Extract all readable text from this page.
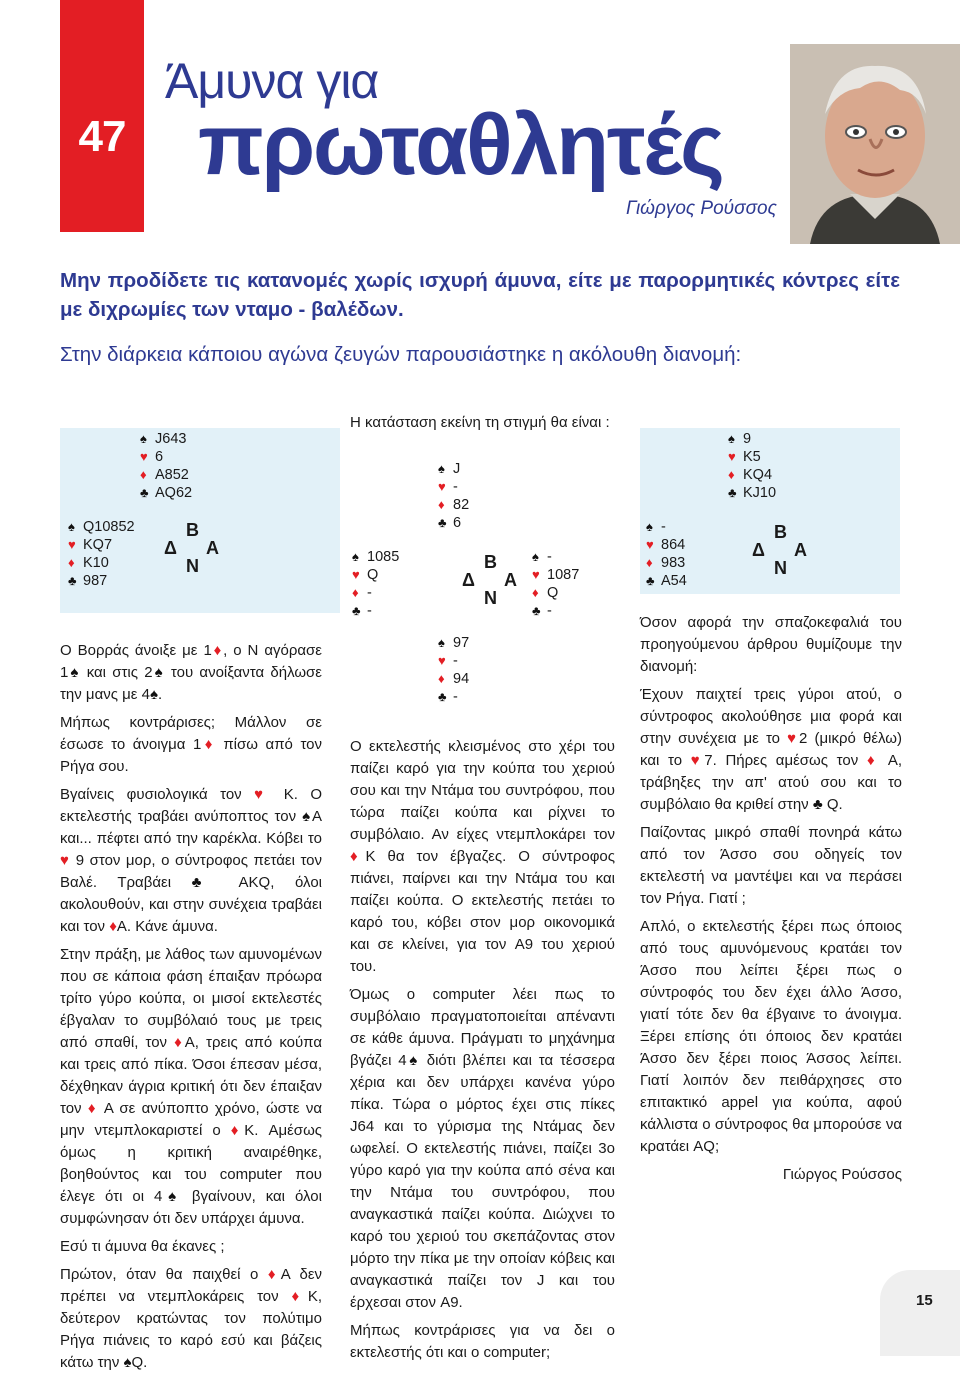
47
Άμυνα για
πρωταθλητές
Γιώργος Ρούσσος
Μην προδίδετε τις κατανομές χωρίς ισχυρή άμυνα, είτε με παρορμητικές κόντρες είτε με διχρωμίες των νταμο - βαλέδων.
Στην διάρκεια κάποιου αγώνα ζευγών παρουσιάστηκε η ακόλουθη διανομή:
♠ J643
♥ 6
♦ A852
♣ AQ62
♠ Q10852
♥ KQ7
♦ K10
♣ 987
B
Δ A
N
Η κατάσταση εκείνη τη στιγμή θα είναι :
♠ J
♥ -
♦ 82
♣ 6
♠ 1085
♥ Q
♦ -
♣ -
B
Δ A
N
♠ -
♥ 1087
♦ Q
♣ -
♠ 97
♥ -
♦ 94
♣ -
♠ 9
♥ K5
♦ KQ4
♣ KJ10
♠ -
♥ 864
♦ 983
♣ A54
B
Δ A
N

Ο Βορράς άνοιξε με 1♦, ο Ν αγόρασε 1♠ και στις 2♠ του ανοίξαντα δήλωσε την μανς με 4♠.

Μήπως κοντράρισες; Μάλλον σε έσωσε το άνοιγμα 1♦ πίσω από τον Ρήγα σου.

Βγαίνεις φυσιολογικά τον ♥ K. Ο εκτελεστής τραβάει ανύποπτος τον ♠A και... πέφτει από την καρέκλα. Κόβει το ♥ 9 στον μορ, ο σύντροφος πετάει τον Βαλέ. Τραβάει ♣ AKQ, όλοι ακολουθούν, και στην συνέχεια τραβάει και τον ♦A. Κάνε άμυνα.

Στην πράξη, με λάθος των αμυνομένων που σε κάποια φάση έπαιξαν πρόωρα τρίτο γύρο κούπα, οι μισοί εκτελεστές έβγαλαν το συμβόλαιό τους με τρεις από σπαθί, τον ♦A, τρεις από κούπα και τρεις από πίκα. Όσοι έπεσαν μέσα, δέχθηκαν άγρια κριτική ότι δεν έπαιξαν τον ♦ A σε ανύποπτο χρόνο, ώστε να μην ντεμπλοκαριστεί ο ♦K. Αμέσως όμως η κριτική αναιρέθηκε, βοηθούντος και του computer που έλεγε ότι οι 4♠ βγαίνουν, και όλοι συμφώνησαν ότι δεν υπάρχει άμυνα.

Εσύ τι άμυνα θα έκανες ;

Πρώτον, όταν θα παιχθεί ο ♦A δεν πρέπει να ντεμπλοκάρεις τον ♦K, δεύτερον κρατώντας τον πολύτιμο Ρήγα πιάνεις το καρό εσύ και βάζεις κάτω την ♠Q.

Ο εκτελεστής κλεισμένος στο χέρι του παίζει καρό για την κούπα του χεριού σου και την Ντάμα του συντρόφου, που τώρα παίζει κούπα και ρίχνει το συμβόλαιο. Αν είχες ντεμπλοκάρει τον ♦K θα τον έβγαζες. Ο σύντροφος πιάνει, παίρνει και την Ντάμα του και παίζει κούπα. Ο εκτελεστής πετάει το καρό του, κόβει στον μορ οικονομικά και σε κλείνει, για τον A9 του χεριού του.

Όμως ο computer λέει πως το συμβόλαιο πραγματοποιείται απέναντι σε κάθε άμυνα. Πράγματι το μηχάνημα βγάζει 4♠ διότι βλέπει και τα τέσσερα χέρια και δεν υπάρχει κανένα γύρο πίκα. Τώρα ο μόρτος έχει στις πίκες J64 και το γύρισμα της Ντάμας δεν ωφελεί. Ο εκτελεστής πιάνει, παίζει 3ο γύρο καρό για την κούπα από σένα και την Ντάμα του συντρόφου, που αναγκαστικά παίζει κούπα. Διώχνει το καρό του χεριού του σκεπάζοντας στον μόρτο την πίκα με την οποίαν κόβεις και αναγκαστικά παίζει τον J και του έρχεσαι στον A9.

Μήπως κοντράρισες για να δει ο εκτελεστής ότι και ο computer;

Όσον αφορά την σπαζοκεφαλιά του προηγούμενου άρθρου θυμίζουμε την διανομή:

Έχουν παιχτεί τρεις γύροι ατού, ο σύντροφος ακολούθησε μια φορά και στην συνέχεια με το ♥2 (μικρό θέλω) και το ♥7. Πήρες αμέσως τον ♦ A, τράβηξες την απ' ατού σου και το συμβόλαιο θα κριθεί στην ♣ Q.

Παίζοντας μικρό σπαθί πονηρά κάτω από τον Άσσο σου οδηγείς τον εκτελεστή να μαντέψει και να περάσει τον Ρήγα. Γιατί ;

Απλό, ο εκτελεστής ξέρει πως όποιος από τους αμυνόμενους κρατάει τον Άσσο που λείπει ξέρει πως ο σύντροφός του δεν έχει άλλο Άσσο, γιατί τότε δεν θα έβγαινε το άνοιγμα. Ξέρει επίσης ότι όποιος δεν κρατάει Άσσο δεν ξέρει ποιος Άσσος λείπει. Γιατί λοιπόν δεν πειθάρχησες στο επιτακτικό appel για κούπα, αφού κάλλιστα ο σύντροφος θα μπορούσε να κρατάει AQ;

Γιώργος Ρούσσος

15
